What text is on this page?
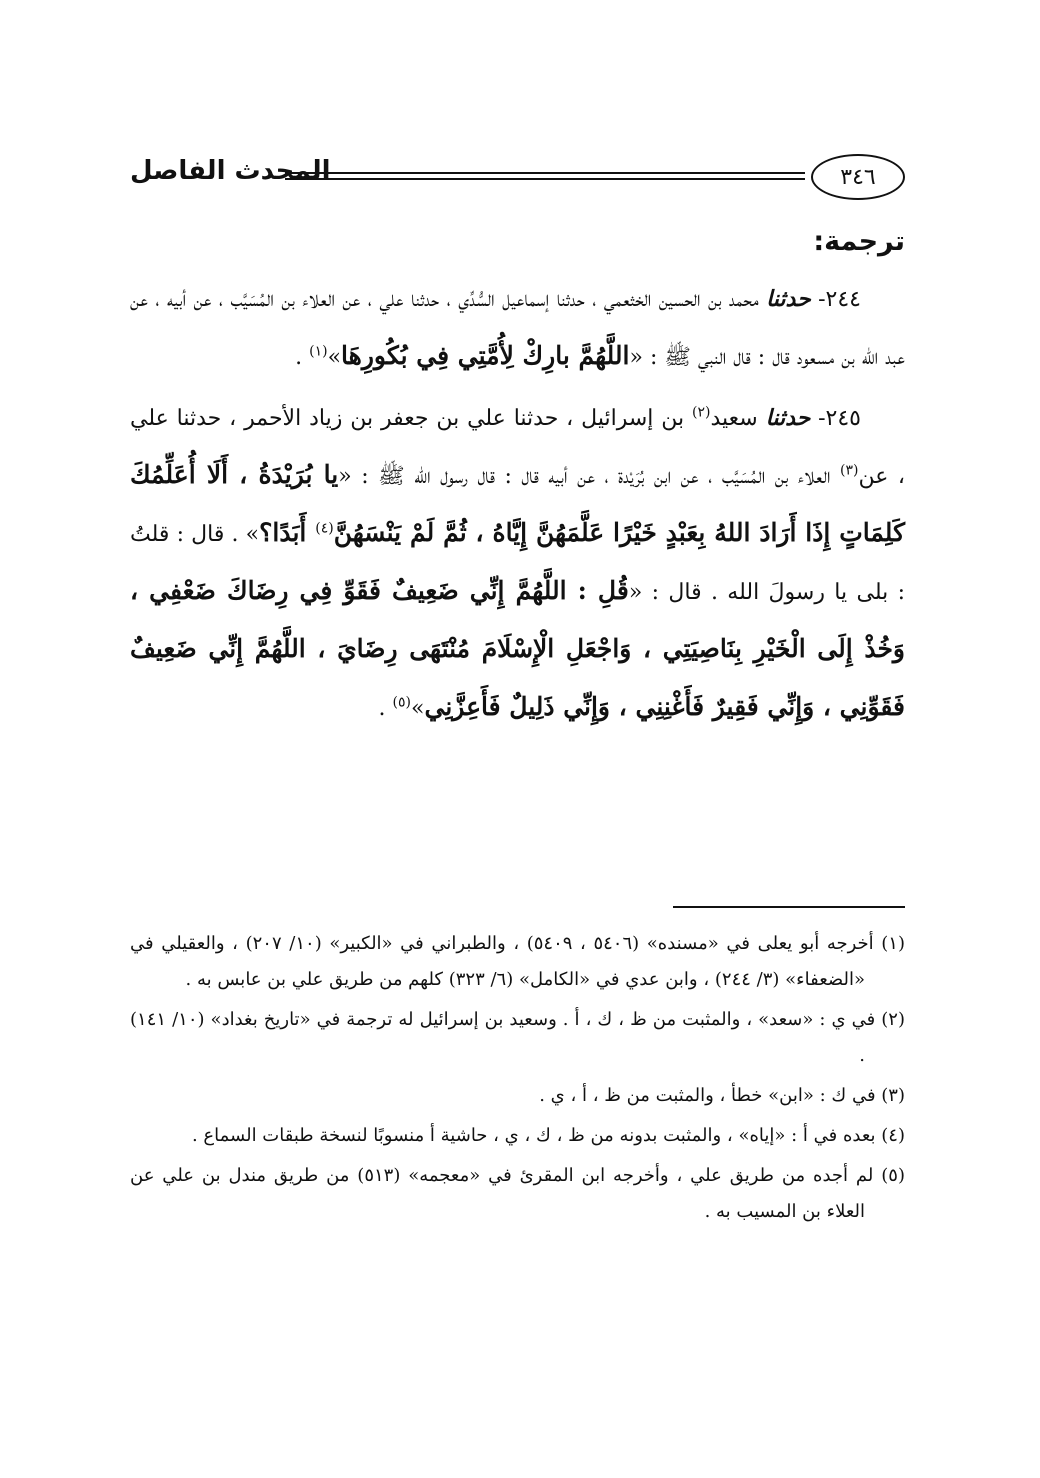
٣٤٦
المحدث الفاصل
ترجمة:

٢٤٤- حدثنا محمد بن الحسين الخثعمي ، حدثنا إسماعيل السُّدِّي ، حدثنا علي ، عن العلاء بن المُسَيَّب ، عن أبيه ، عن عبد الله بن مسعود قال : قال النبي ﷺ : «اللَّهُمَّ بارِكْ لِأُمَّتِي فِي بُكُورِهَا»$^{(١)}$ .

٢٤٥- حدثنا سعيد$^{(٢)}$ بن إسرائيل ، حدثنا علي بن جعفر بن زياد الأحمر ، حدثنا علي ، عن$^{(٣)}$ العلاء بن المُسَيَّب ، عن ابن بُرَيْدة ، عن أبيه قال : قال رسول الله ﷺ : «يا بُرَيْدَةُ ، أَلَا أُعَلِّمُكَ كَلِمَاتٍ إِذَا أَرَادَ اللهُ بِعَبْدٍ خَيْرًا عَلَّمَهُنَّ إِيَّاهُ ، ثُمَّ لَمْ يَنْسَهُنَّ$^{(٤)}$ أَبَدًا؟» . قال : قلتُ : بلى يا رسولَ الله . قال : «قُلِ : اللَّهُمَّ إِنِّي ضَعِيفٌ فَقَوِّ فِي رِضَاكَ ضَعْفِي ، وَخُذْ إِلَى الْخَيْرِ بِنَاصِيَتِي ، وَاجْعَلِ الْإِسْلَامَ مُنْتَهَى رِضَايَ ، اللَّهُمَّ إِنِّي ضَعِيفٌ فَقَوِّنِي ، وَإِنِّي فَقِيرٌ فَأَغْنِنِي ، وَإِنِّي ذَلِيلٌ فَأَعِزَّنِي»$^{(٥)}$ .

(١) أخرجه أبو يعلى في «مسنده» (٥٤٠٦ ، ٥٤٠٩) ، والطبراني في «الكبير» (١٠/ ٢٠٧) ، والعقيلي في «الضعفاء» (٣/ ٢٤٤) ، وابن عدي في «الكامل» (٦/ ٣٢٣) كلهم من طريق علي بن عابس به .

(٢) في ي : «سعد» ، والمثبت من ظ ، ك ، أ . وسعيد بن إسرائيل له ترجمة في «تاريخ بغداد» (١٠/ ١٤١) .

(٣) في ك : «ابن» خطأ ، والمثبت من ظ ، أ ، ي .

(٤) بعده في أ : «إياه» ، والمثبت بدونه من ظ ، ك ، ي ، حاشية أ منسوبًا لنسخة طبقات السماع .

(٥) لم أجده من طريق علي ، وأخرجه ابن المقرئ في «معجمه» (٥١٣) من طريق مندل بن علي عن العلاء بن المسيب به .
